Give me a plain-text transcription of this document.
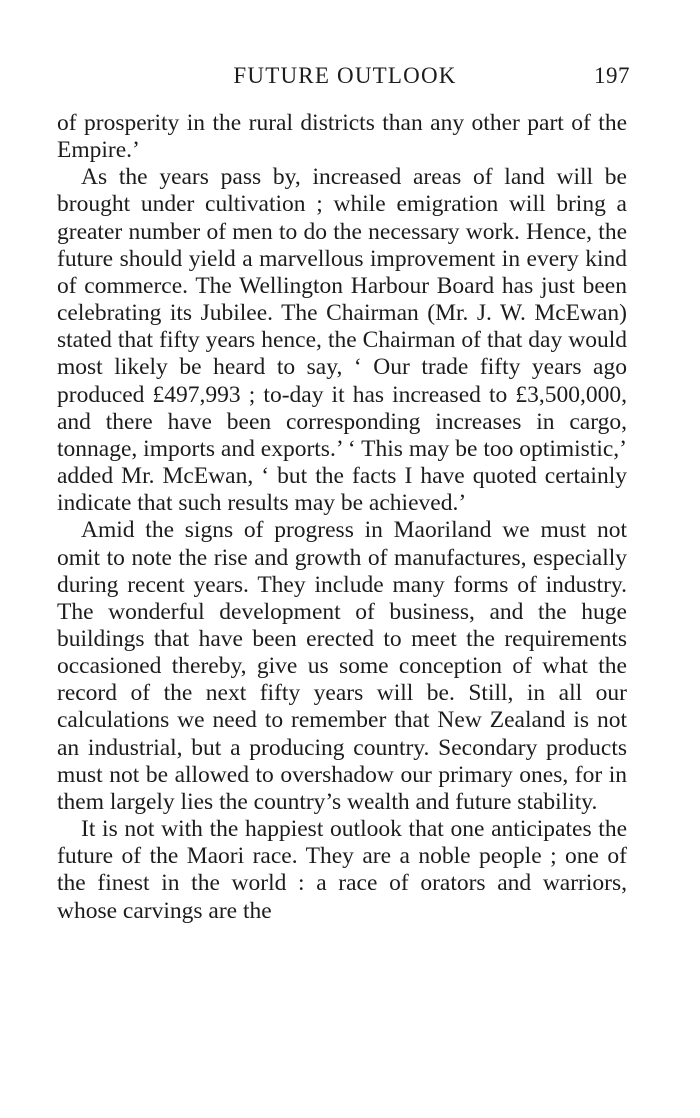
FUTURE OUTLOOK	197

of prosperity in the rural districts than any other part of the Empire.’

As the years pass by, increased areas of land will be brought under cultivation ; while emigration will bring a greater number of men to do the necessary work. Hence, the future should yield a marvellous improvement in every kind of commerce. The Wellington Harbour Board has just been celebrating its Jubilee. The Chairman (Mr. J. W. McEwan) stated that fifty years hence, the Chairman of that day would most likely be heard to say, ‘ Our trade fifty years ago produced £497,993 ; to-day it has increased to £3,500,000, and there have been corresponding increases in cargo, tonnage, imports and exports.’ ‘ This may be too optimistic,’ added Mr. McEwan, ‘ but the facts I have quoted certainly indicate that such results may be achieved.’

Amid the signs of progress in Maoriland we must not omit to note the rise and growth of manufactures, especially during recent years. They include many forms of industry. The wonderful development of business, and the huge buildings that have been erected to meet the requirements occasioned thereby, give us some conception of what the record of the next fifty years will be. Still, in all our calculations we need to remember that New Zealand is not an industrial, but a producing country. Secondary products must not be allowed to overshadow our primary ones, for in them largely lies the country’s wealth and future stability.

It is not with the happiest outlook that one anticipates the future of the Maori race. They are a noble people ; one of the finest in the world : a race of orators and warriors, whose carvings are the
